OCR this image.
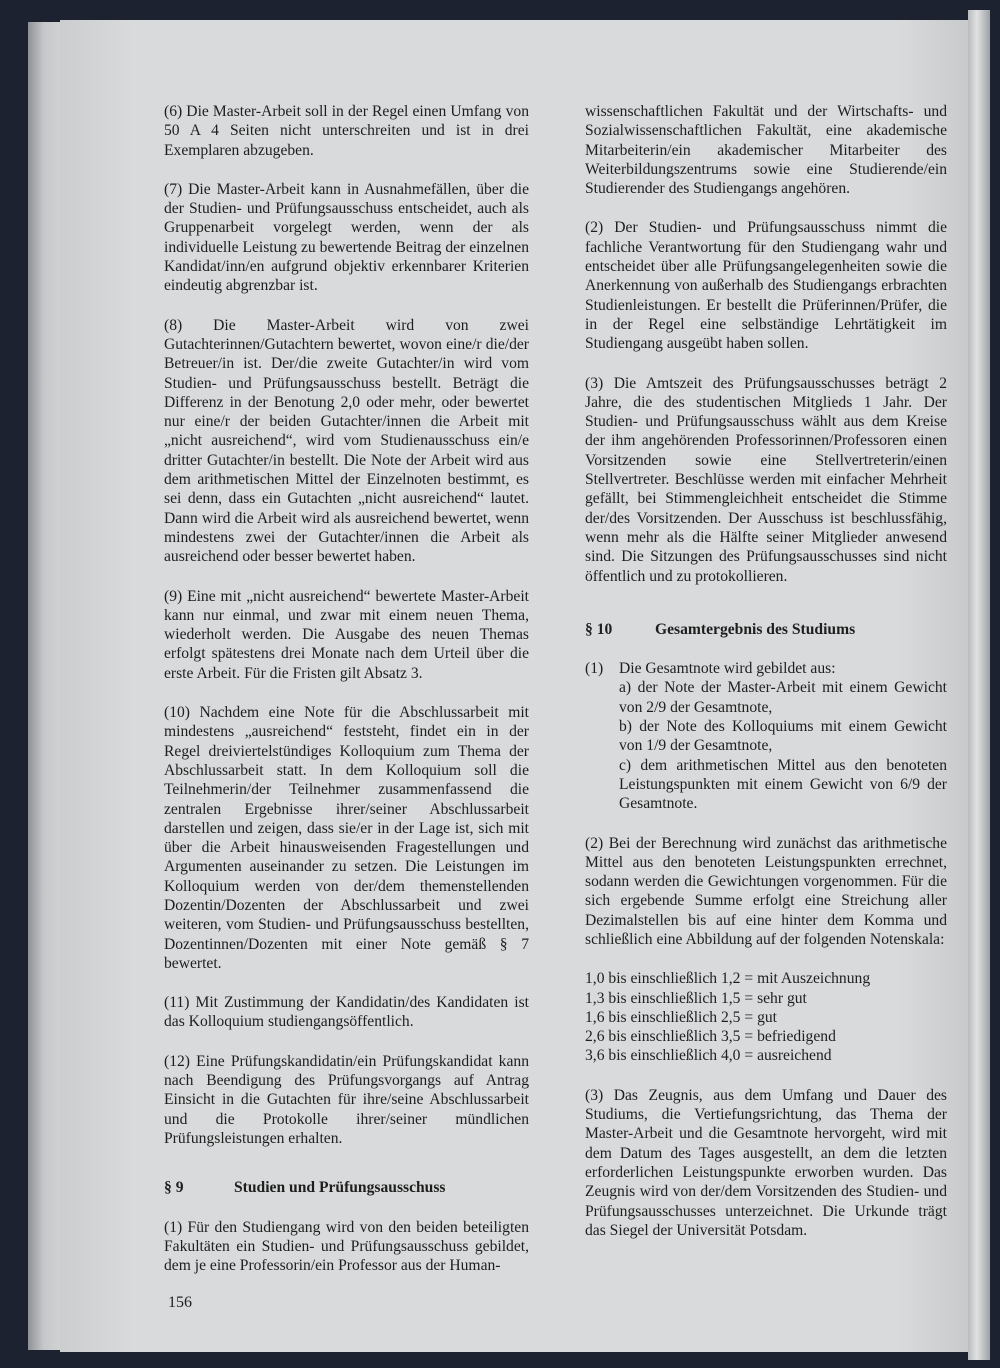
(6) Die Master-Arbeit soll in der Regel einen Umfang von 50 A 4 Seiten nicht unterschreiten und ist in drei Exemplaren abzugeben.

(7) Die Master-Arbeit kann in Ausnahmefällen, über die der Studien- und Prüfungsausschuss entscheidet, auch als Gruppenarbeit vorgelegt werden, wenn der als individuelle Leistung zu bewertende Beitrag der einzelnen Kandidat/inn/en aufgrund objektiv erkennbarer Kriterien eindeutig abgrenzbar ist.

(8) Die Master-Arbeit wird von zwei Gutachterinnen/Gutachtern bewertet, wovon eine/r die/der Betreuer/in ist. Der/die zweite Gutachter/in wird vom Studien- und Prüfungsausschuss bestellt. Beträgt die Differenz in der Benotung 2,0 oder mehr, oder bewertet nur eine/r der beiden Gutachter/innen die Arbeit mit „nicht ausreichend“, wird vom Studienausschuss ein/e dritter Gutachter/in bestellt. Die Note der Arbeit wird aus dem arithmetischen Mittel der Einzelnoten bestimmt, es sei denn, dass ein Gutachten „nicht ausreichend“ lautet. Dann wird die Arbeit wird als ausreichend bewertet, wenn mindestens zwei der Gutachter/innen die Arbeit als ausreichend oder besser bewertet haben.

(9) Eine mit „nicht ausreichend“ bewertete Master-Arbeit kann nur einmal, und zwar mit einem neuen Thema, wiederholt werden. Die Ausgabe des neuen Themas erfolgt spätestens drei Monate nach dem Urteil über die erste Arbeit. Für die Fristen gilt Absatz 3.

(10) Nachdem eine Note für die Abschlussarbeit mit mindestens „ausreichend“ feststeht, findet ein in der Regel dreiviertelstündiges Kolloquium zum Thema der Abschlussarbeit statt. In dem Kolloquium soll die Teilnehmerin/der Teilnehmer zusammenfassend die zentralen Ergebnisse ihrer/seiner Abschlussarbeit darstellen und zeigen, dass sie/er in der Lage ist, sich mit über die Arbeit hinausweisenden Fragestellungen und Argumenten auseinander zu setzen. Die Leistungen im Kolloquium werden von der/dem themenstellenden Dozentin/Dozenten der Abschlussarbeit und zwei weiteren, vom Studien- und Prüfungsausschuss bestellten, Dozentinnen/Dozenten mit einer Note gemäß § 7 bewertet.

(11) Mit Zustimmung der Kandidatin/des Kandidaten ist das Kolloquium studiengangsöffentlich.

(12) Eine Prüfungskandidatin/ein Prüfungskandidat kann nach Beendigung des Prüfungsvorgangs auf Antrag Einsicht in die Gutachten für ihre/seine Abschlussarbeit und die Protokolle ihrer/seiner mündlichen Prüfungsleistungen erhalten.

§ 9	Studien und Prüfungsausschuss

(1) Für den Studiengang wird von den beiden beteiligten Fakultäten ein Studien- und Prüfungsausschuss gebildet, dem je eine Professorin/ein Professor aus der Human-

wissenschaftlichen Fakultät und der Wirtschafts- und Sozialwissenschaftlichen Fakultät, eine akademische Mitarbeiterin/ein akademischer Mitarbeiter des Weiterbildungszentrums sowie eine Studierende/ein Studierender des Studiengangs angehören.

(2) Der Studien- und Prüfungsausschuss nimmt die fachliche Verantwortung für den Studiengang wahr und entscheidet über alle Prüfungsangelegenheiten sowie die Anerkennung von außerhalb des Studiengangs erbrachten Studienleistungen. Er bestellt die Prüferinnen/Prüfer, die in der Regel eine selbständige Lehrtätigkeit im Studiengang ausgeübt haben sollen.

(3) Die Amtszeit des Prüfungsausschusses beträgt 2 Jahre, die des studentischen Mitglieds 1 Jahr. Der Studien- und Prüfungsausschuss wählt aus dem Kreise der ihm angehörenden Professorinnen/Professoren einen Vorsitzenden sowie eine Stellvertreterin/einen Stellvertreter. Beschlüsse werden mit einfacher Mehrheit gefällt, bei Stimmengleichheit entscheidet die Stimme der/des Vorsitzenden. Der Ausschuss ist beschlussfähig, wenn mehr als die Hälfte seiner Mitglieder anwesend sind. Die Sitzungen des Prüfungsausschusses sind nicht öffentlich und zu protokollieren.

§ 10	Gesamtergebnis des Studiums
(1)	Die Gesamtnote wird gebildet aus:
a) der Note der Master-Arbeit mit einem Gewicht von 2/9 der Gesamtnote,
b) der Note des Kolloquiums mit einem Gewicht von 1/9 der Gesamtnote,
c) dem arithmetischen Mittel aus den benoteten Leistungspunkten mit einem Gewicht von 6/9 der Gesamtnote.

(2) Bei der Berechnung wird zunächst das arithmetische Mittel aus den benoteten Leistungspunkten errechnet, sodann werden die Gewichtungen vorgenommen. Für die sich ergebende Summe erfolgt eine Streichung aller Dezimalstellen bis auf eine hinter dem Komma und schließlich eine Abbildung auf der folgenden Notenskala:

1,0 bis einschließlich 1,2 = mit Auszeichnung
1,3 bis einschließlich 1,5 = sehr gut
1,6 bis einschließlich 2,5 = gut
2,6 bis einschließlich 3,5 = befriedigend
3,6 bis einschließlich 4,0 = ausreichend

(3) Das Zeugnis, aus dem Umfang und Dauer des Studiums, die Vertiefungsrichtung, das Thema der Master-Arbeit und die Gesamtnote hervorgeht, wird mit dem Datum des Tages ausgestellt, an dem die letzten erforderlichen Leistungspunkte erworben wurden. Das Zeugnis wird von der/dem Vorsitzenden des Studien- und Prüfungsausschusses unterzeichnet. Die Urkunde trägt das Siegel der Universität Potsdam.

156
